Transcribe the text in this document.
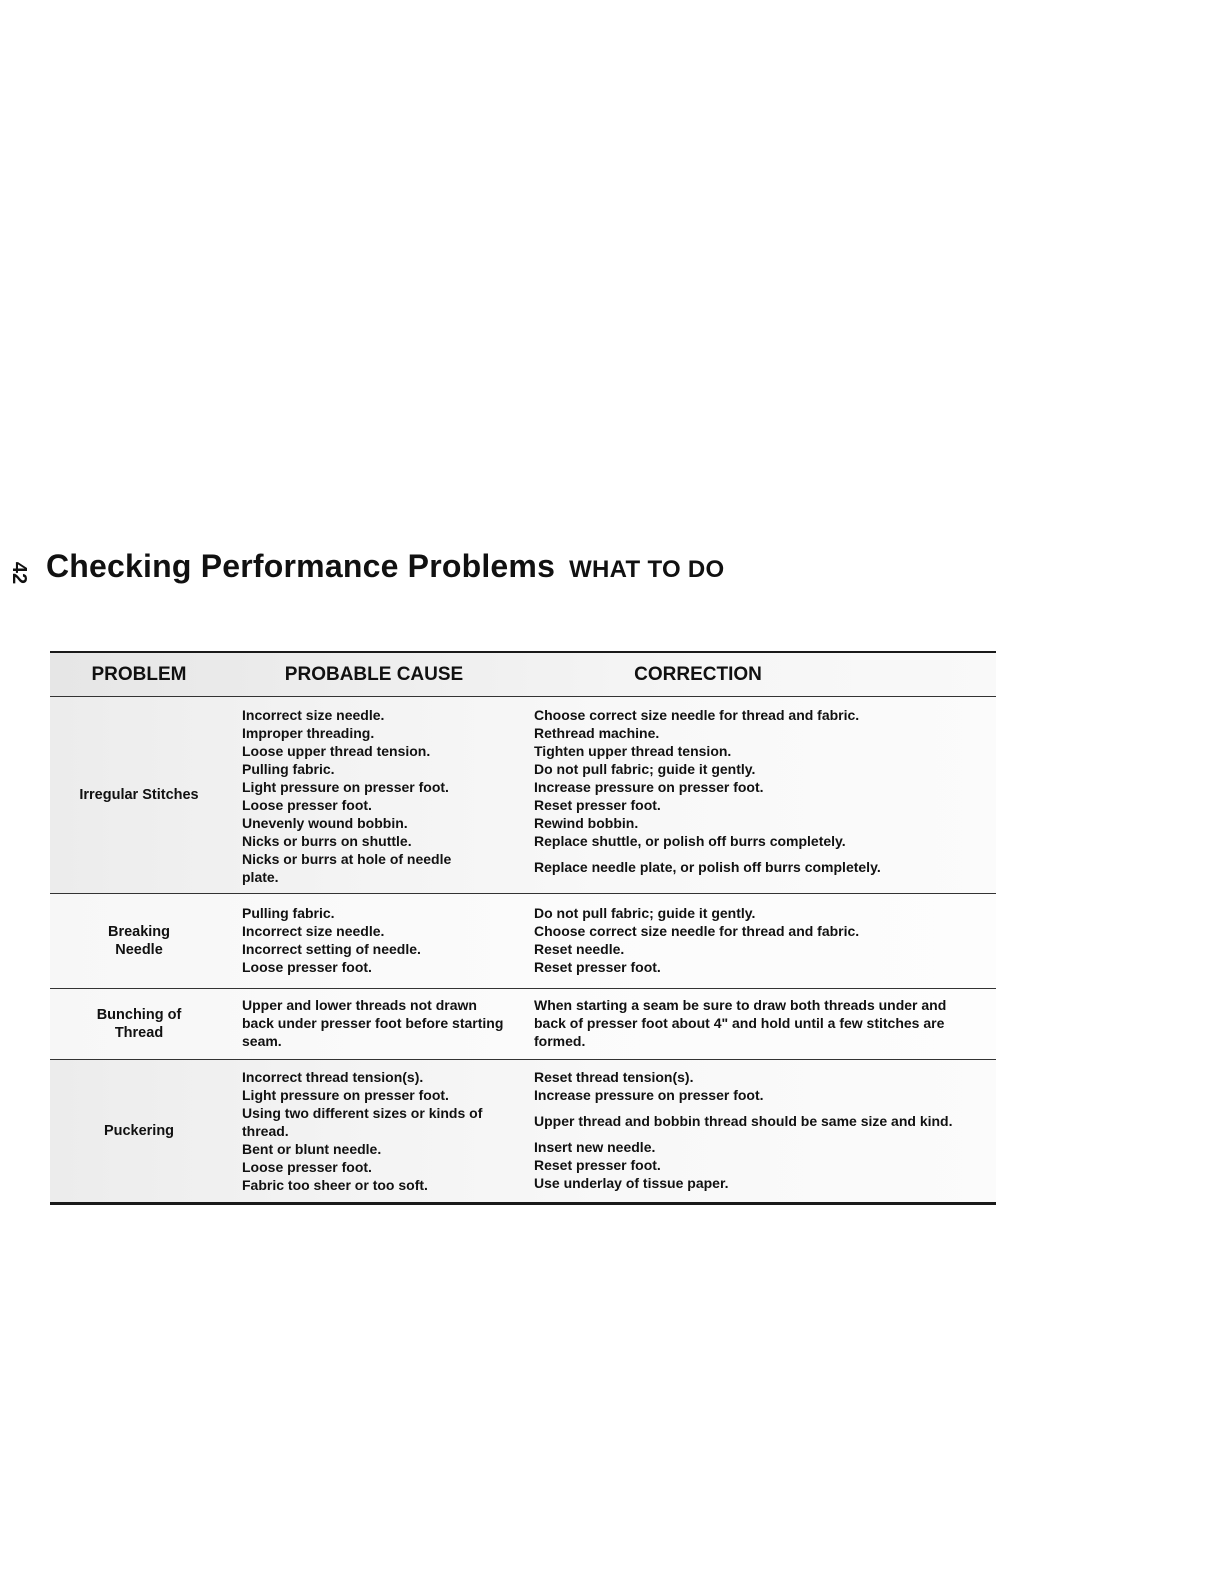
42 Checking Performance Problems WHAT TO DO
PROBLEM	PROBABLE CAUSE	CORRECTION
Irregular Stitches
Incorrect size needle.
Improper threading.
Loose upper thread tension.
Pulling fabric.
Light pressure on presser foot.
Loose presser foot.
Unevenly wound bobbin.
Nicks or burrs on shuttle.
Nicks or burrs at hole of needle plate.
Choose correct size needle for thread and fabric.
Rethread machine.
Tighten upper thread tension.
Do not pull fabric; guide it gently.
Increase pressure on presser foot.
Reset presser foot.
Rewind bobbin.
Replace shuttle, or polish off burrs completely.
Replace needle plate, or polish off burrs completely.
Breaking Needle
Pulling fabric.
Incorrect size needle.
Incorrect setting of needle.
Loose presser foot.
Do not pull fabric; guide it gently.
Choose correct size needle for thread and fabric.
Reset needle.
Reset presser foot.
Bunching of Thread
Upper and lower threads not drawn back under presser foot before starting seam.
When starting a seam be sure to draw both threads under and back of presser foot about 4" and hold until a few stitches are formed.
Puckering
Incorrect thread tension(s).
Light pressure on presser foot.
Using two different sizes or kinds of thread.
Bent or blunt needle.
Loose presser foot.
Fabric too sheer or too soft.
Reset thread tension(s).
Increase pressure on presser foot.
Upper thread and bobbin thread should be same size and kind.
Insert new needle.
Reset presser foot.
Use underlay of tissue paper.
